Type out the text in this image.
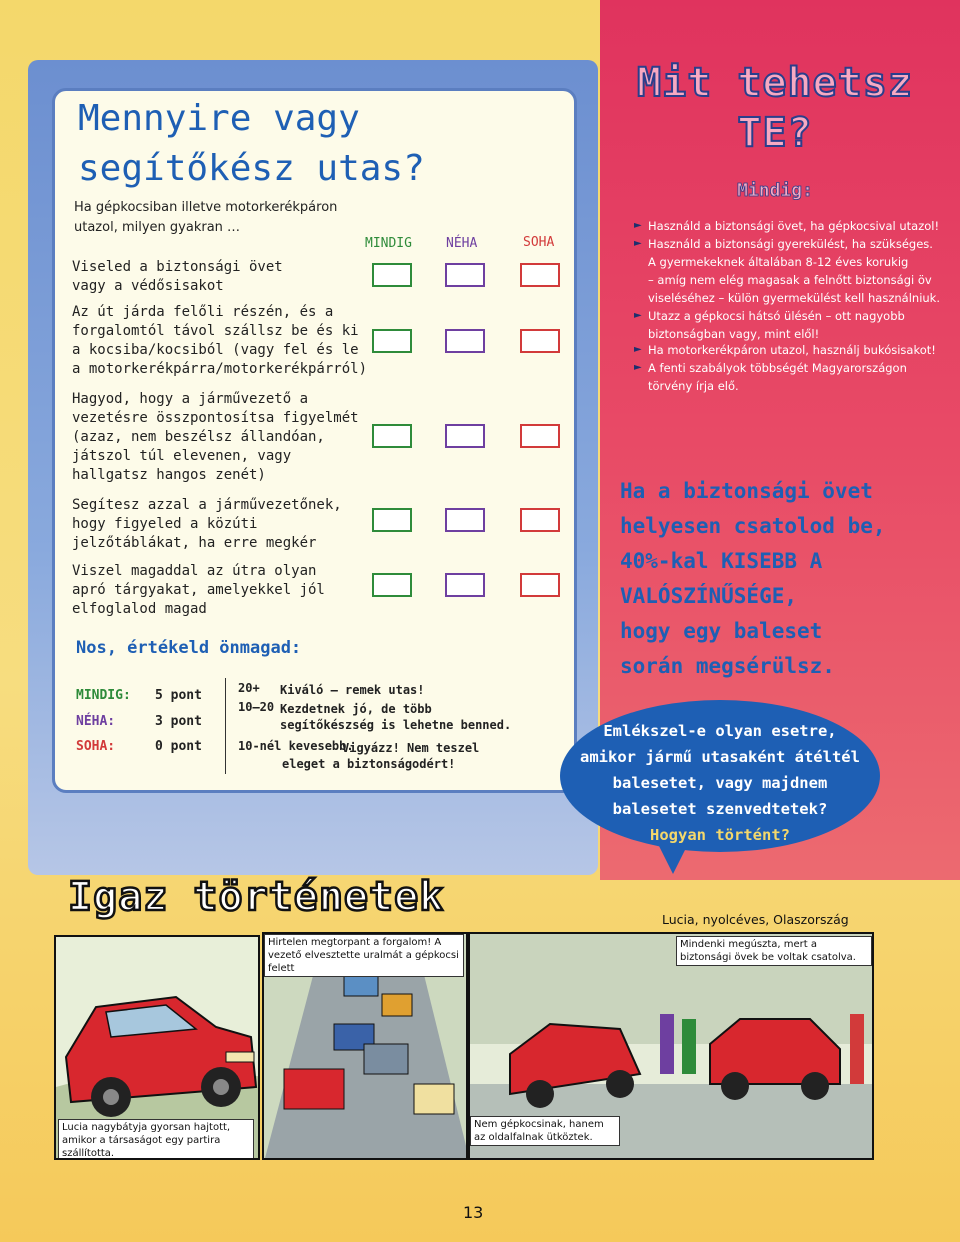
Mennyire vagy
segítőkész utas?
Ha gépkocsiban illetve motorkerékpáron utazol, milyen gyakran …
MINDIG	NÉHA	SOHA
Viseled a biztonsági övet vagy a védősisakot
Az út járda felőli részén, és a forgalomtól távol szállsz be és ki a kocsiba/kocsiból (vagy fel és le a motorkerékpárra/motorkerékpárról)
Hagyod, hogy a járművezető a vezetésre összpontosítsa figyelmét (azaz, nem beszélsz állandóan, játszol túl elevenen, vagy hallgatsz hangos zenét)
Segítesz azzal a járművezetőnek, hogy figyeled a közúti jelzőtáblákat, ha erre megkér
Viszel magaddal az útra olyan apró tárgyakat, amelyekkel jól elfoglalod magad
Nos, értékeld önmagad:
MINDIG: 5 pont
NÉHA:	3 pont
SOHA:	0 pont
20+ Kiváló – remek utas!
10–20 Kezdetnek jó, de több
segítőkészség is lehetne benned.
10-nél kevesebb.
Vigyázz! Nem teszel
eleget a biztonságodért!
Mit tehetsz
TE?
Mindig:
► Használd a biztonsági övet, ha gépkocsival utazol!
► Használd a biztonsági gyerekülést, ha szükséges.
A gyermekeknek általában 8-12 éves korukig
– amíg nem elég magasak a felnőtt biztonsági öv
viseléséhez – külön gyermekülést kell használniuk.
► Utazz a gépkocsi hátsó ülésén – ott nagyobb
biztonságban vagy, mint elől!
► Ha motorkerékpáron utazol, használj bukósisakot!
► A fenti szabályok többségét Magyarországon
törvény írja elő.
Ha a biztonsági övet
helyesen csatolod be,
40%-kal KISEBB A
VALÓSZÍNŰSÉGE,
hogy egy baleset
során megsérülsz.
Emlékszel-e olyan esetre,
amikor jármű utasaként átéltél
balesetet, vagy majdnem
balesetet szenvedtetek?
Hogyan történt?
Igaz történetek	Lucia, nyolcéves, Olaszország
Lucia nagybátyja gyorsan hajtott, amikor a társaságot egy partira szállította.
Hirtelen megtorpant a forgalom! A vezető elvesztette uralmát a gépkocsi felett
Mindenki megúszta, mert a biztonsági övek be voltak csatolva.
Nem gépkocsinak, hanem az oldalfalnak ütköztek.
13
